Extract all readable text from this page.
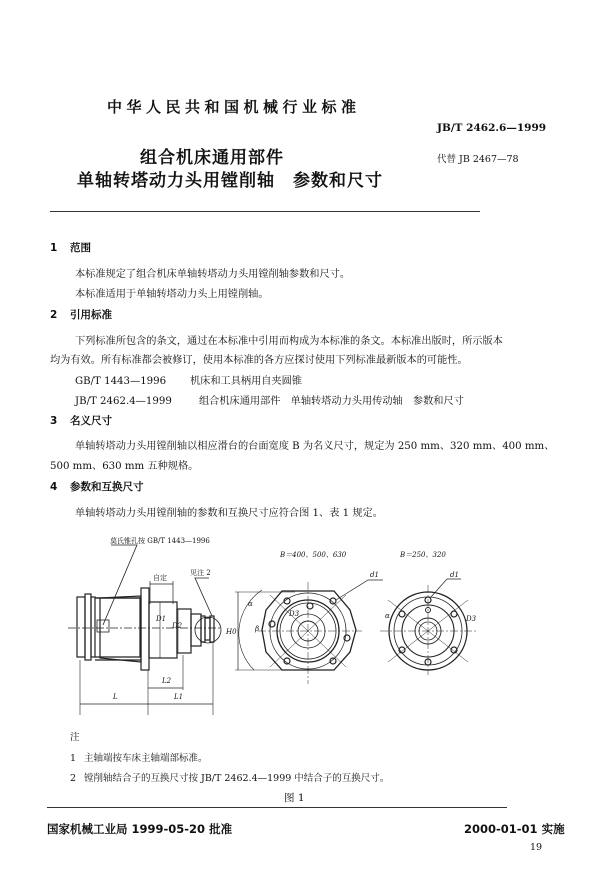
中华人民共和国机械行业标准
JB/T 2462.6—1999
组合机床通用部件	代替 JB 2467—78
单轴转塔动力头用镗削轴　参数和尺寸
1 范围
本标准规定了组合机床单轴转塔动力头用镗削轴参数和尺寸。
本标准适用于单轴转塔动力头上用镗削轴。
2 引用标准
下列标准所包含的条文，通过在本标准中引用而构成为本标准的条文。本标准出版时，所示版本
均为有效。所有标准都会被修订，使用本标准的各方应探讨使用下列标准最新版本的可能性。
GB/T 1443—1996 机床和工具柄用自夹圆锥
JB/T 2462.4—1999	组合机床通用部件　单轴转塔动力头用传动轴　参数和尺寸
3 名义尺寸
单轴转塔动力头用镗削轴以相应滑台的台面宽度 B 为名义尺寸，规定为 250 mm、320 mm、400 mm、
500 mm、630 mm 五种规格。
4 参数和互换尺寸
单轴转塔动力头用镗削轴的参数和互换尺寸应符合图 1、表 1 规定。
莫氏锥孔按 GB/T 1443—1996
自定
见注 2
D1
D2
H0
L	L1
L2
α
β
D3
d1
B＝400、500、630	B＝250、320
d1
D3
α
注
1 主轴端按车床主轴端部标准。
2 镗削轴结合子的互换尺寸按 JB/T 2462.4—1999 中结合子的互换尺寸。
图 1
国家机械工业局 1999-05-20 批准	2000-01-01 实施
19
